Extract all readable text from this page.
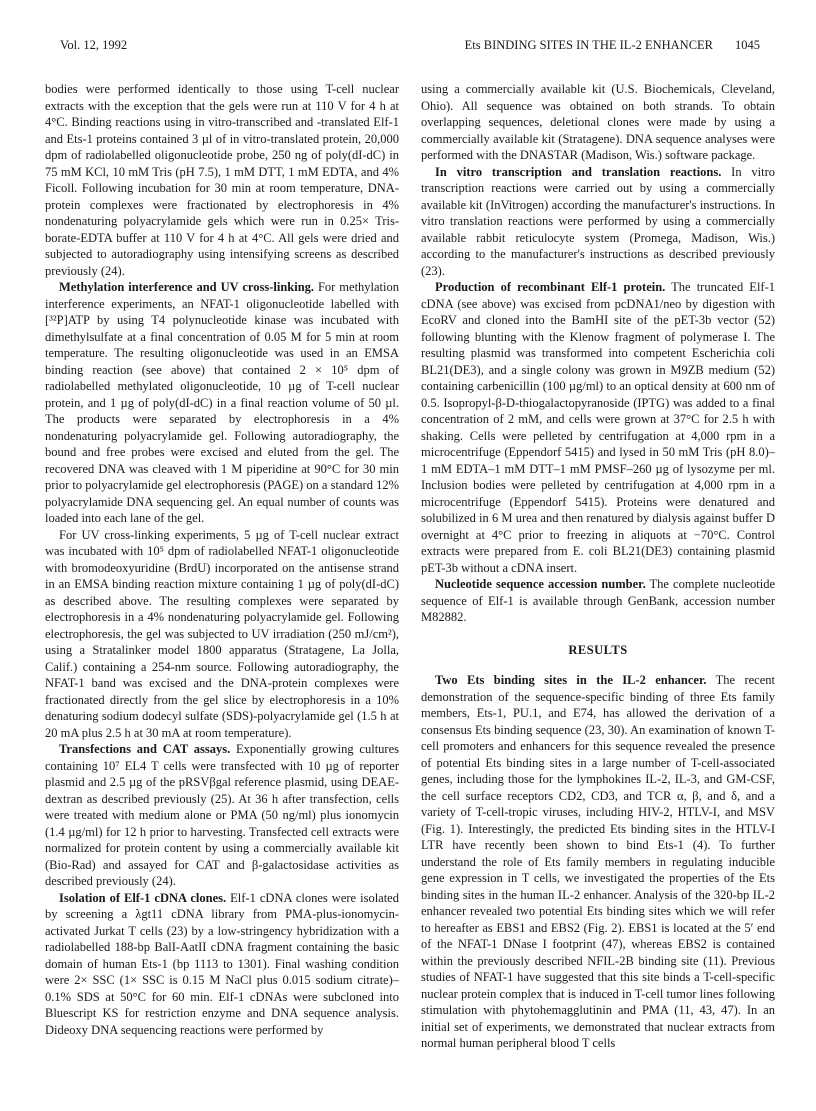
Vol. 12, 1992	Ets BINDING SITES IN THE IL-2 ENHANCER 1045

bodies were performed identically to those using T-cell nuclear extracts with the exception that the gels were run at 110 V for 4 h at 4°C. Binding reactions using in vitro-transcribed and -translated Elf-1 and Ets-1 proteins contained 3 µl of in vitro-translated protein, 20,000 dpm of radiolabelled oligonucleotide probe, 250 ng of poly(dI-dC) in 75 mM KCl, 10 mM Tris (pH 7.5), 1 mM DTT, 1 mM EDTA, and 4% Ficoll. Following incubation for 30 min at room temperature, DNA-protein complexes were fractionated by electrophoresis in 4% nondenaturing polyacrylamide gels which were run in 0.25× Tris-borate-EDTA buffer at 110 V for 4 h at 4°C. All gels were dried and subjected to autoradiography using intensifying screens as described previously (24).

Methylation interference and UV cross-linking. For methylation interference experiments, an NFAT-1 oligonucleotide labelled with [³²P]ATP by using T4 polynucleotide kinase was incubated with dimethylsulfate at a final concentration of 0.05 M for 5 min at room temperature. The resulting oligonucleotide was used in an EMSA binding reaction (see above) that contained 2 × 10⁵ dpm of radiolabelled methylated oligonucleotide, 10 µg of T-cell nuclear protein, and 1 µg of poly(dI-dC) in a final reaction volume of 50 µl. The products were separated by electrophoresis in a 4% nondenaturing polyacrylamide gel. Following autoradiography, the bound and free probes were excised and eluted from the gel. The recovered DNA was cleaved with 1 M piperidine at 90°C for 30 min prior to polyacrylamide gel electrophoresis (PAGE) on a standard 12% polyacrylamide DNA sequencing gel. An equal number of counts was loaded into each lane of the gel.

For UV cross-linking experiments, 5 µg of T-cell nuclear extract was incubated with 10⁵ dpm of radiolabelled NFAT-1 oligonucleotide with bromodeoxyuridine (BrdU) incorporated on the antisense strand in an EMSA binding reaction mixture containing 1 µg of poly(dI-dC) as described above. The resulting complexes were separated by electrophoresis in a 4% nondenaturing polyacrylamide gel. Following electrophoresis, the gel was subjected to UV irradiation (250 mJ/cm²), using a Stratalinker model 1800 apparatus (Stratagene, La Jolla, Calif.) containing a 254-nm source. Following autoradiography, the NFAT-1 band was excised and the DNA-protein complexes were fractionated directly from the gel slice by electrophoresis in a 10% denaturing sodium dodecyl sulfate (SDS)-polyacrylamide gel (1.5 h at 20 mA plus 2.5 h at 30 mA at room temperature).

Transfections and CAT assays. Exponentially growing cultures containing 10⁷ EL4 T cells were transfected with 10 µg of reporter plasmid and 2.5 µg of the pRSVβgal reference plasmid, using DEAE-dextran as described previously (25). At 36 h after transfection, cells were treated with medium alone or PMA (50 ng/ml) plus ionomycin (1.4 µg/ml) for 12 h prior to harvesting. Transfected cell extracts were normalized for protein content by using a commercially available kit (Bio-Rad) and assayed for CAT and β-galactosidase activities as described previously (24).

Isolation of Elf-1 cDNA clones. Elf-1 cDNA clones were isolated by screening a λgt11 cDNA library from PMA-plus-ionomycin-activated Jurkat T cells (23) by a low-stringency hybridization with a radiolabelled 188-bp BalI-AatII cDNA fragment containing the basic domain of human Ets-1 (bp 1113 to 1301). Final washing condition were 2× SSC (1× SSC is 0.15 M NaCl plus 0.015 sodium citrate)–0.1% SDS at 50°C for 60 min. Elf-1 cDNAs were subcloned into Bluescript KS for restriction enzyme and DNA sequence analysis. Dideoxy DNA sequencing reactions were performed by

using a commercially available kit (U.S. Biochemicals, Cleveland, Ohio). All sequence was obtained on both strands. To obtain overlapping sequences, deletional clones were made by using a commercially available kit (Stratagene). DNA sequence analyses were performed with the DNASTAR (Madison, Wis.) software package.

In vitro transcription and translation reactions. In vitro transcription reactions were carried out by using a commercially available kit (InVitrogen) according the manufacturer's instructions. In vitro translation reactions were performed by using a commercially available rabbit reticulocyte system (Promega, Madison, Wis.) according to the manufacturer's instructions as described previously (23).

Production of recombinant Elf-1 protein. The truncated Elf-1 cDNA (see above) was excised from pcDNA1/neo by digestion with EcoRV and cloned into the BamHI site of the pET-3b vector (52) following blunting with the Klenow fragment of polymerase I. The resulting plasmid was transformed into competent Escherichia coli BL21(DE3), and a single colony was grown in M9ZB medium (52) containing carbenicillin (100 µg/ml) to an optical density at 600 nm of 0.5. Isopropyl-β-D-thiogalactopyranoside (IPTG) was added to a final concentration of 2 mM, and cells were grown at 37°C for 2.5 h with shaking. Cells were pelleted by centrifugation at 4,000 rpm in a microcentrifuge (Eppendorf 5415) and lysed in 50 mM Tris (pH 8.0)–1 mM EDTA–1 mM DTT–1 mM PMSF–260 µg of lysozyme per ml. Inclusion bodies were pelleted by centrifugation at 4,000 rpm in a microcentrifuge (Eppendorf 5415). Proteins were denatured and solubilized in 6 M urea and then renatured by dialysis against buffer D overnight at 4°C prior to freezing in aliquots at −70°C. Control extracts were prepared from E. coli BL21(DE3) containing plasmid pET-3b without a cDNA insert.

Nucleotide sequence accession number. The complete nucleotide sequence of Elf-1 is available through GenBank, accession number M82882.

RESULTS

Two Ets binding sites in the IL-2 enhancer. The recent demonstration of the sequence-specific binding of three Ets family members, Ets-1, PU.1, and E74, has allowed the derivation of a consensus Ets binding sequence (23, 30). An examination of known T-cell promoters and enhancers for this sequence revealed the presence of potential Ets binding sites in a large number of T-cell-associated genes, including those for the lymphokines IL-2, IL-3, and GM-CSF, the cell surface receptors CD2, CD3, and TCR α, β, and δ, and a variety of T-cell-tropic viruses, including HIV-2, HTLV-I, and MSV (Fig. 1). Interestingly, the predicted Ets binding sites in the HTLV-I LTR have recently been shown to bind Ets-1 (4). To further understand the role of Ets family members in regulating inducible gene expression in T cells, we investigated the properties of the Ets binding sites in the human IL-2 enhancer. Analysis of the 320-bp IL-2 enhancer revealed two potential Ets binding sites which we will refer to hereafter as EBS1 and EBS2 (Fig. 2). EBS1 is located at the 5′ end of the NFAT-1 DNase I footprint (47), whereas EBS2 is contained within the previously described NFIL-2B binding site (11). Previous studies of NFAT-1 have suggested that this site binds a T-cell-specific nuclear protein complex that is induced in T-cell tumor lines following stimulation with phytohemagglutinin and PMA (11, 43, 47). In an initial set of experiments, we demonstrated that nuclear extracts from normal human peripheral blood T cells
